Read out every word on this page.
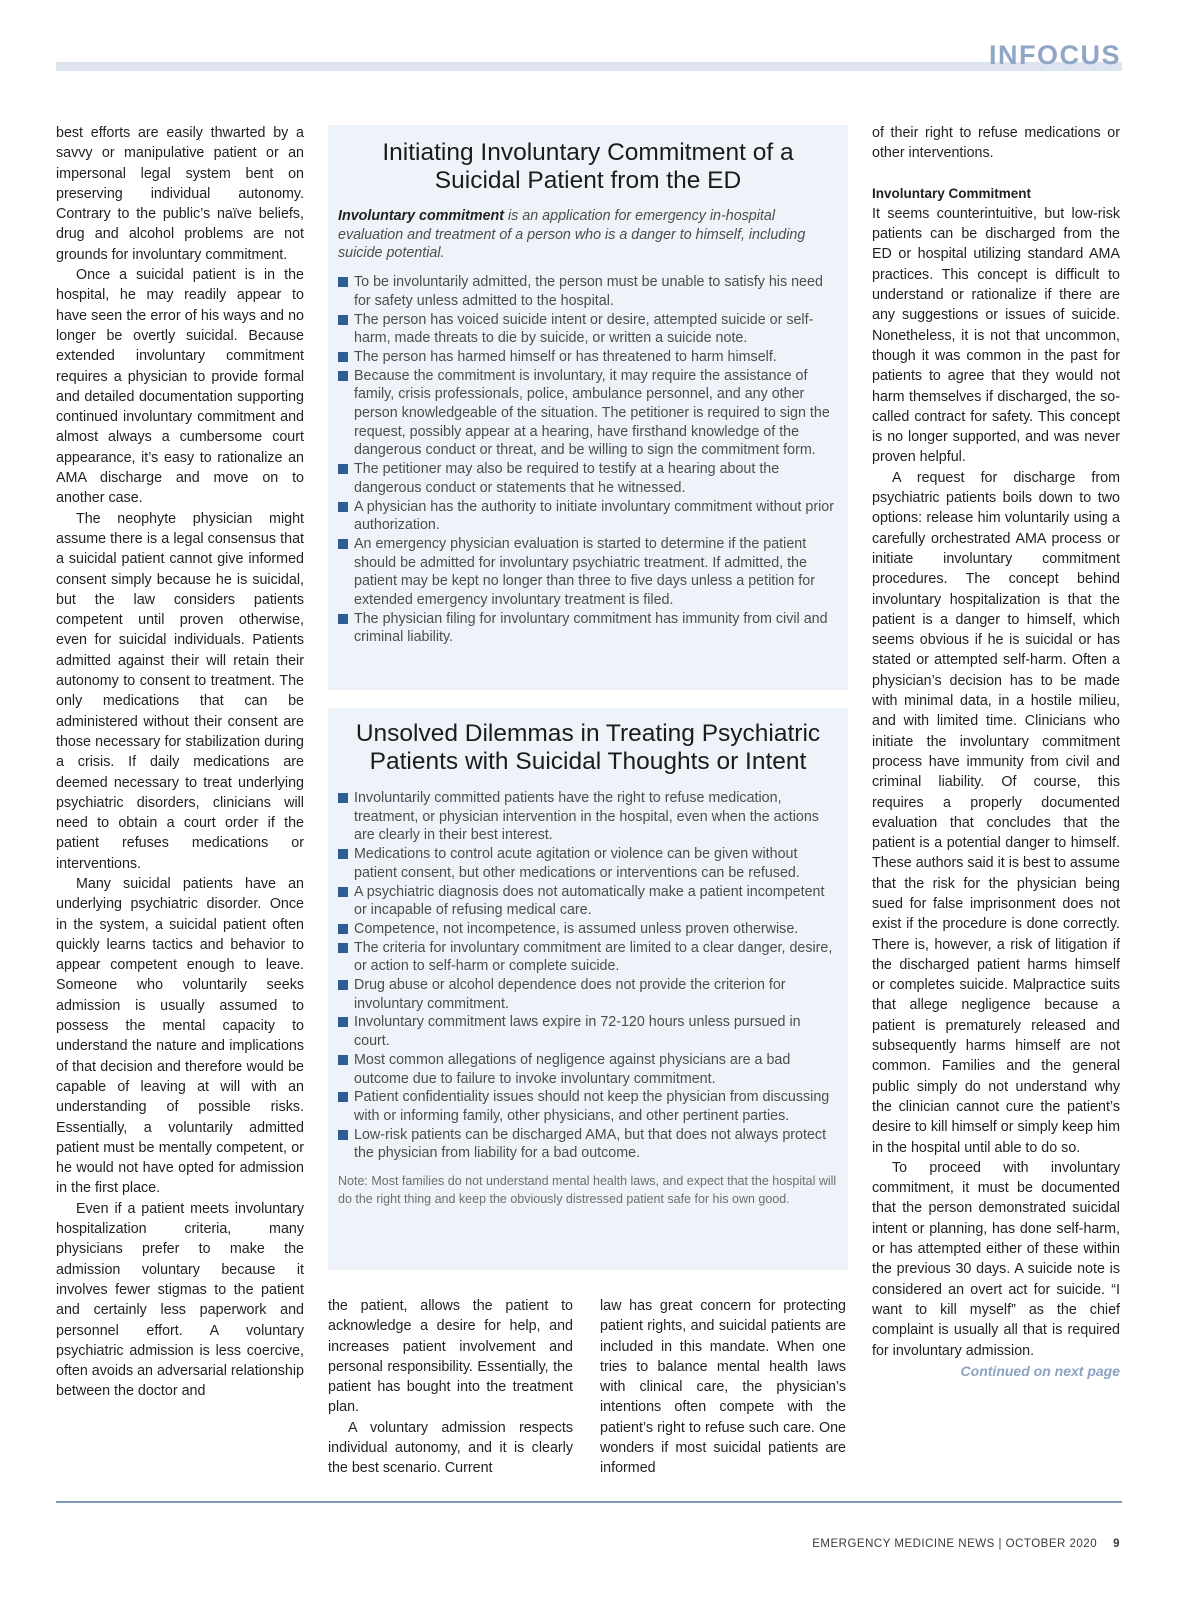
INFOCUS

best efforts are easily thwarted by a savvy or manipulative patient or an impersonal legal system bent on preserving individual autonomy. Contrary to the public’s naïve beliefs, drug and alcohol problems are not grounds for involuntary commitment.

Once a suicidal patient is in the hospital, he may readily appear to have seen the error of his ways and no longer be overtly suicidal. Because extended involuntary commitment requires a physician to provide formal and detailed documentation supporting continued involuntary commitment and almost always a cumbersome court appearance, it’s easy to rationalize an AMA discharge and move on to another case.

The neophyte physician might assume there is a legal consensus that a suicidal patient cannot give informed consent simply because he is suicidal, but the law considers patients competent until proven otherwise, even for suicidal individuals. Patients admitted against their will retain their autonomy to consent to treatment. The only medications that can be administered without their consent are those necessary for stabilization during a crisis. If daily medications are deemed necessary to treat underlying psychiatric disorders, clinicians will need to obtain a court order if the patient refuses medications or interventions.

Many suicidal patients have an underlying psychiatric disorder. Once in the system, a suicidal patient often quickly learns tactics and behavior to appear competent enough to leave. Someone who voluntarily seeks admission is usually assumed to possess the mental capacity to understand the nature and implications of that decision and therefore would be capable of leaving at will with an understanding of possible risks. Essentially, a voluntarily admitted patient must be mentally competent, or he would not have opted for admission in the first place.

Even if a patient meets involuntary hospitalization criteria, many physicians prefer to make the admission voluntary because it involves fewer stigmas to the patient and certainly less paperwork and personnel effort. A voluntary psychiatric admission is less coercive, often avoids an adversarial relationship between the doctor and

Initiating Involuntary Commitment of a Suicidal Patient from the ED
Involuntary commitment is an application for emergency in-hospital evaluation and treatment of a person who is a danger to himself, including suicide potential.
To be involuntarily admitted, the person must be unable to satisfy his need for safety unless admitted to the hospital.
The person has voiced suicide intent or desire, attempted suicide or self-harm, made threats to die by suicide, or written a suicide note.
The person has harmed himself or has threatened to harm himself.
Because the commitment is involuntary, it may require the assistance of family, crisis professionals, police, ambulance personnel, and any other person knowledgeable of the situation. The petitioner is required to sign the request, possibly appear at a hearing, have firsthand knowledge of the dangerous conduct or threat, and be willing to sign the commitment form.
The petitioner may also be required to testify at a hearing about the dangerous conduct or statements that he witnessed.
A physician has the authority to initiate involuntary commitment without prior authorization.
An emergency physician evaluation is started to determine if the patient should be admitted for involuntary psychiatric treatment. If admitted, the patient may be kept no longer than three to five days unless a petition for extended emergency involuntary treatment is filed.
The physician filing for involuntary commitment has immunity from civil and criminal liability.
Unsolved Dilemmas in Treating Psychiatric Patients with Suicidal Thoughts or Intent
Involuntarily committed patients have the right to refuse medication, treatment, or physician intervention in the hospital, even when the actions are clearly in their best interest.
Medications to control acute agitation or violence can be given without patient consent, but other medications or interventions can be refused.
A psychiatric diagnosis does not automatically make a patient incompetent or incapable of refusing medical care.
Competence, not incompetence, is assumed unless proven otherwise.
The criteria for involuntary commitment are limited to a clear danger, desire, or action to self-harm or complete suicide.
Drug abuse or alcohol dependence does not provide the criterion for involuntary commitment.
Involuntary commitment laws expire in 72-120 hours unless pursued in court.
Most common allegations of negligence against physicians are a bad outcome due to failure to invoke involuntary commitment.
Patient confidentiality issues should not keep the physician from discussing with or informing family, other physicians, and other pertinent parties.
Low-risk patients can be discharged AMA, but that does not always protect the physician from liability for a bad outcome.
Note: Most families do not understand mental health laws, and expect that the hospital will do the right thing and keep the obviously distressed patient safe for his own good.

the patient, allows the patient to acknowledge a desire for help, and increases patient involvement and personal responsibility. Essentially, the patient has bought into the treatment plan.

A voluntary admission respects individual autonomy, and it is clearly the best scenario. Current

law has great concern for protecting patient rights, and suicidal patients are included in this mandate. When one tries to balance mental health laws with clinical care, the physician’s intentions often compete with the patient’s right to refuse such care. One wonders if most suicidal patients are informed

of their right to refuse medications or other interventions.

Involuntary Commitment

It seems counterintuitive, but low-risk patients can be discharged from the ED or hospital utilizing standard AMA practices. This concept is difficult to understand or rationalize if there are any suggestions or issues of suicide. Nonetheless, it is not that uncommon, though it was common in the past for patients to agree that they would not harm themselves if discharged, the so-called contract for safety. This concept is no longer supported, and was never proven helpful.

A request for discharge from psychiatric patients boils down to two options: release him voluntarily using a carefully orchestrated AMA process or initiate involuntary commitment procedures. The concept behind involuntary hospitalization is that the patient is a danger to himself, which seems obvious if he is suicidal or has stated or attempted self-harm. Often a physician’s decision has to be made with minimal data, in a hostile milieu, and with limited time. Clinicians who initiate the involuntary commitment process have immunity from civil and criminal liability. Of course, this requires a properly documented evaluation that concludes that the patient is a potential danger to himself. These authors said it is best to assume that the risk for the physician being sued for false imprisonment does not exist if the procedure is done correctly. There is, however, a risk of litigation if the discharged patient harms himself or completes suicide. Malpractice suits that allege negligence because a patient is prematurely released and subsequently harms himself are not common. Families and the general public simply do not understand why the clinician cannot cure the patient’s desire to kill himself or simply keep him in the hospital until able to do so.

To proceed with involuntary commitment, it must be documented that the person demonstrated suicidal intent or planning, has done self-harm, or has attempted either of these within the previous 30 days. A suicide note is considered an overt act for suicide. “I want to kill myself” as the chief complaint is usually all that is required for involuntary admission.

Continued on next page

EMERGENCY MEDICINE NEWS | OCTOBER 2020 9
